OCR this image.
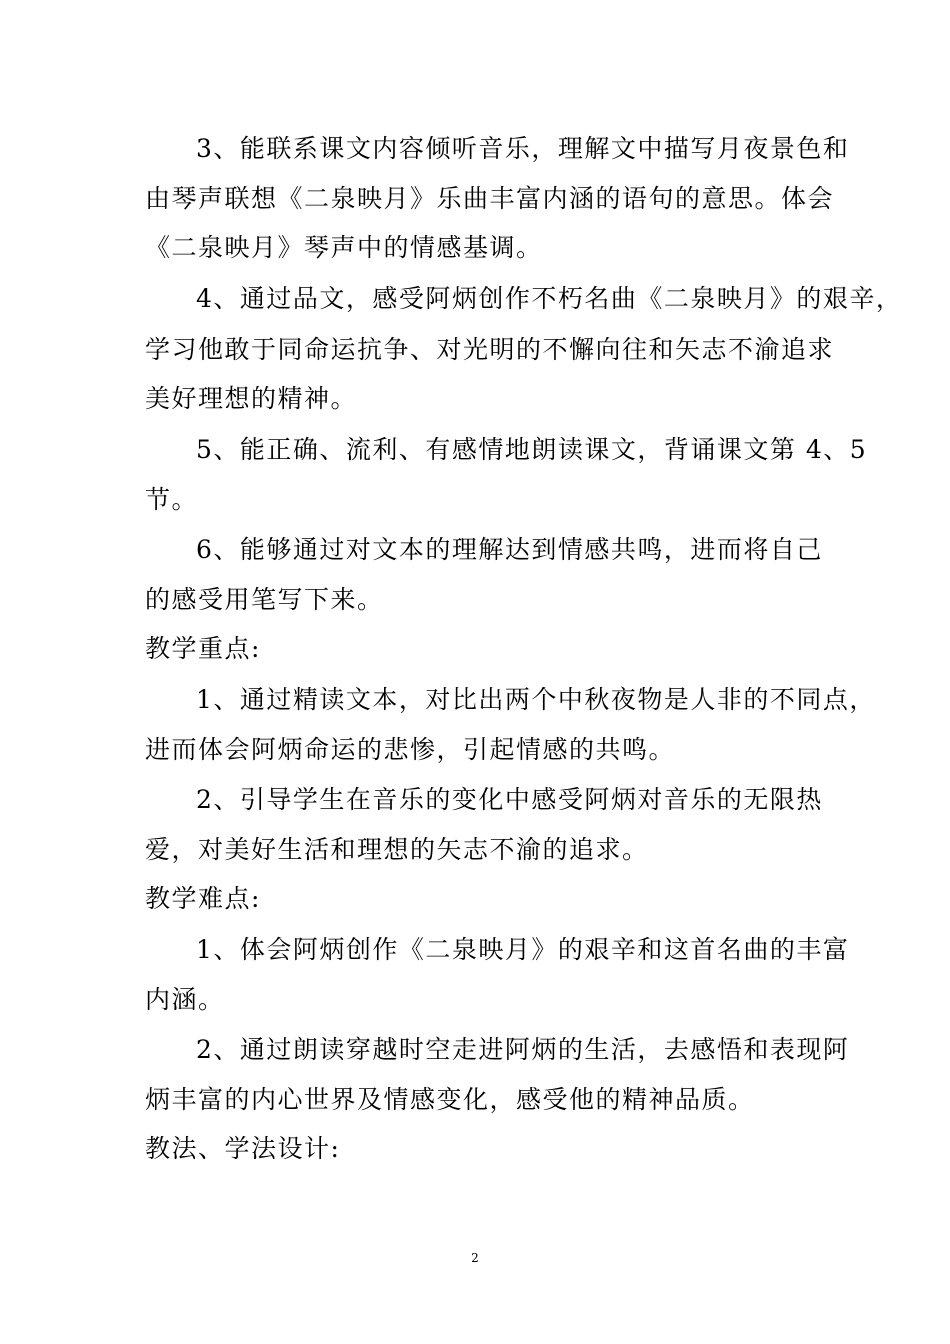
3、能联系课文内容倾听音乐，理解文中描写月夜景色和
由琴声联想《二泉映月》乐曲丰富内涵的语句的意思。体会
《二泉映月》琴声中的情感基调。
4、通过品文，感受阿炳创作不朽名曲《二泉映月》的艰辛，
学习他敢于同命运抗争、对光明的不懈向往和矢志不渝追求
美好理想的精神。
5、能正确、流利、有感情地朗读课文，背诵课文第 4、5
节。
6、能够通过对文本的理解达到情感共鸣，进而将自己
的感受用笔写下来。
教学重点:
1、通过精读文本，对比出两个中秋夜物是人非的不同点，
进而体会阿炳命运的悲惨，引起情感的共鸣。
2、引导学生在音乐的变化中感受阿炳对音乐的无限热
爱，对美好生活和理想的矢志不渝的追求。
教学难点:
1、体会阿炳创作《二泉映月》的艰辛和这首名曲的丰富
内涵。
2、通过朗读穿越时空走进阿炳的生活，去感悟和表现阿
炳丰富的内心世界及情感变化，感受他的精神品质。
教法、学法设计:
2
